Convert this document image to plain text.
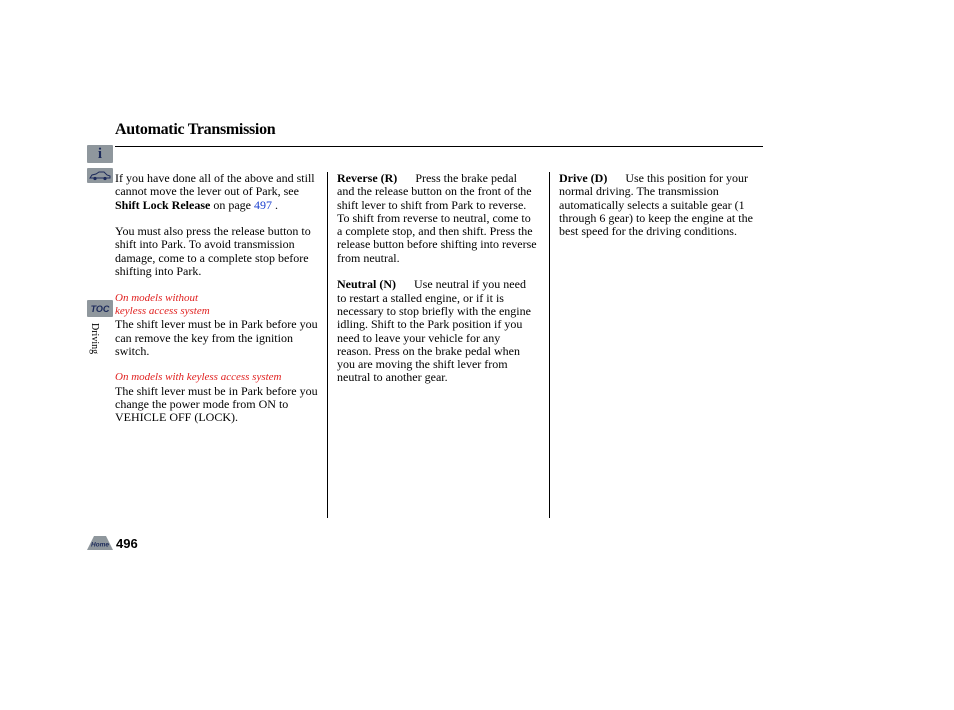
Automatic Transmission
i
TOC
Driving

If you have done all of the above and still cannot move the lever out of Park, see Shift Lock Release on page 497 .

You must also press the release button to shift into Park. To avoid transmission damage, come to a complete stop before shifting into Park.

On models without
keyless access system

The shift lever must be in Park before you can remove the key from the ignition switch.

On models with keyless access system

The shift lever must be in Park before you change the power mode from ON to VEHICLE OFF (LOCK).

Reverse (R) Press the brake pedal and the release button on the front of the shift lever to shift from Park to reverse. To shift from reverse to neutral, come to a complete stop, and then shift. Press the release button before shifting into reverse from neutral.

Neutral (N) Use neutral if you need to restart a stalled engine, or if it is necessary to stop briefly with the engine idling. Shift to the Park position if you need to leave your vehicle for any reason. Press on the brake pedal when you are moving the shift lever from neutral to another gear.

Drive (D) Use this position for your normal driving. The transmission automatically selects a suitable gear (1 through 6 gear) to keep the engine at the best speed for the driving conditions.

Home 496
